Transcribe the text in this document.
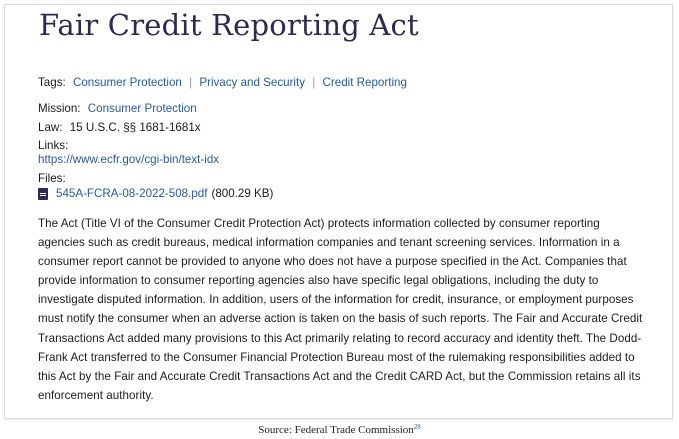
Fair Credit Reporting Act
Tags: Consumer Protection | Privacy and Security | Credit Reporting
Mission: Consumer Protection
Law: 15 U.S.C. §§ 1681-1681x
Links:
https://www.ecfr.gov/cgi-bin/text-idx
Files:
545A-FCRA-08-2022-508.pdf (800.29 KB)

The Act (Title VI of the Consumer Credit Protection Act) protects information collected by consumer reporting agencies such as credit bureaus, medical information companies and tenant screening services. Information in a consumer report cannot be provided to anyone who does not have a purpose specified in the Act. Companies that provide information to consumer reporting agencies also have specific legal obligations, including the duty to investigate disputed information. In addition, users of the information for credit, insurance, or employment purposes must notify the consumer when an adverse action is taken on the basis of such reports. The Fair and Accurate Credit Transactions Act added many provisions to this Act primarily relating to record accuracy and identity theft. The Dodd-Frank Act transferred to the Consumer Financial Protection Bureau most of the rulemaking responsibilities added to this Act by the Fair and Accurate Credit Transactions Act and the Credit CARD Act, but the Commission retains all its enforcement authority.

Source: Federal Trade Commission$^{28}$
